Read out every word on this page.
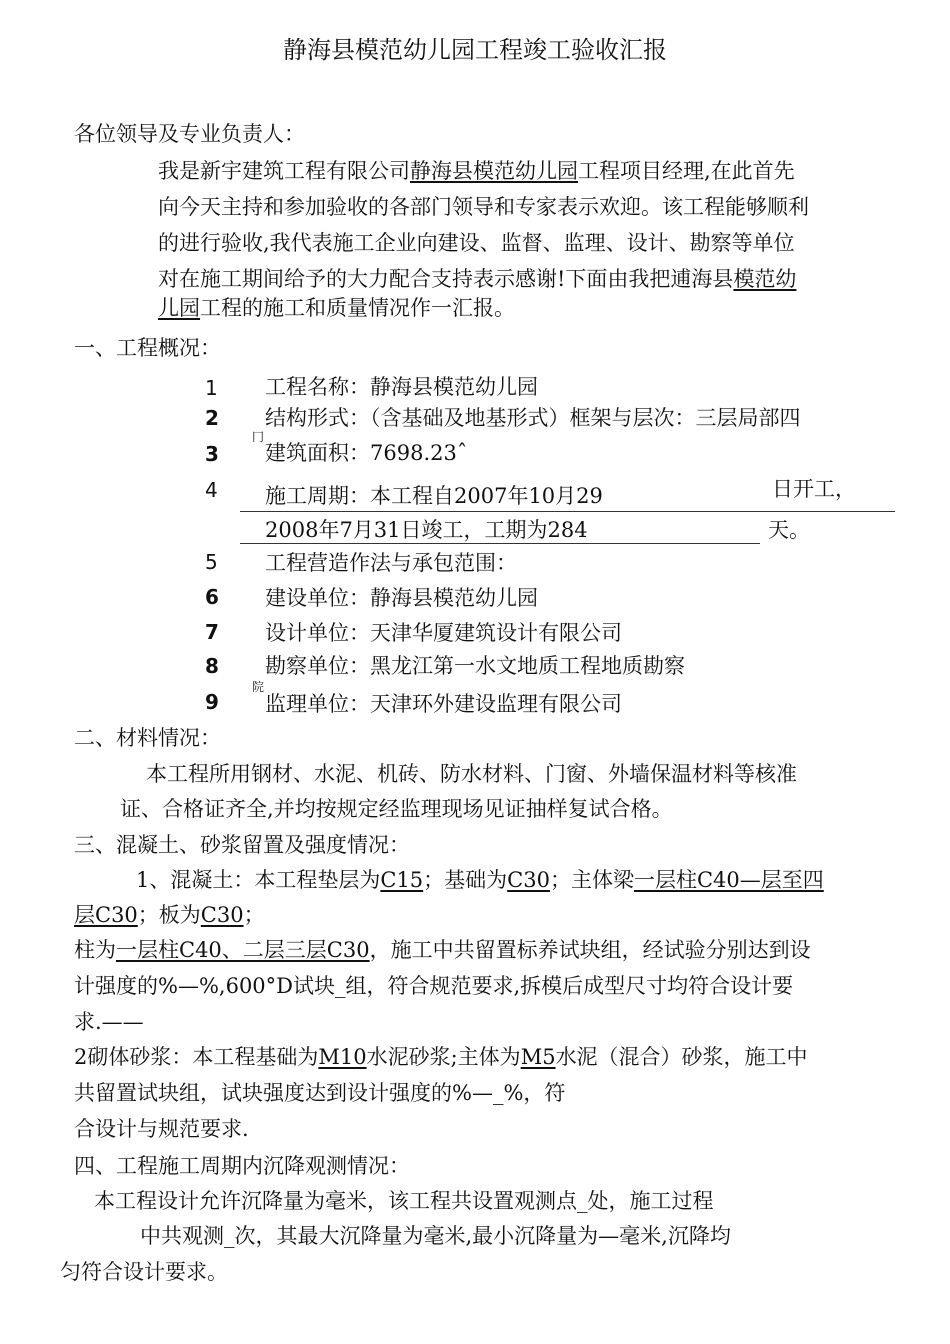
静海县模范幼儿园工程竣工验收汇报
各位领导及专业负责人：
我是新宇建筑工程有限公司静海县模范幼儿园工程项目经理,在此首先
向今天主持和参加验收的各部门领导和专家表示欢迎。该工程能够顺利
的进行验收,我代表施工企业向建设、监督、监理、设计、勘察等单位
对在施工期间给予的大力配合支持表示感谢!下面由我把逋海县模范幼
儿园工程的施工和质量情况作一汇报。
一、工程概况：
1 工程名称：静海县模范幼儿园
2 结构形式：（含基础及地基形式）框架与层次：三层局部四
冂
3 建筑面积：7698.23ˆ
4 施工周期：本工程自2007年10月29	日开工，
2008年7月31日竣工，工期为284	天。
5 工程营造作法与承包范围：
6 建设单位：静海县模范幼儿园
7 设计单位：天津华厦建筑设计有限公司
8 勘察单位：黑龙江第一水文地质工程地质勘察
院
9 监理单位：天津环外建设监理有限公司
二、材料情况：
本工程所用钢材、水泥、机砖、防水材料、门窗、外墙保温材料等核准
证、合格证齐全,并均按规定经监理现场见证抽样复试合格。
三、混凝土、砂浆留置及强度情况：
1、混凝土：本工程垫层为C15；基础为C30；主体梁一层柱C40—层至四
层C30；板为C30；
柱为一层柱C40、二层三层C30，施工中共留置标养试块组，经试验分别达到设
计强度的%—%,600°D试块_组，符合规范要求,拆模后成型尺寸均符合设计要
求.——
2砌体砂浆：本工程基础为M10水泥砂浆;主体为M5水泥（混合）砂浆，施工中
共留置试块组，试块强度达到设计强度的%—_%，符
合设计与规范要求.
四、工程施工周期内沉降观测情况：
本工程设计允许沉降量为毫米，该工程共设置观测点_处，施工过程
中共观测_次，其最大沉降量为毫米,最小沉降量为—毫米,沉降均
匀符合设计要求。
